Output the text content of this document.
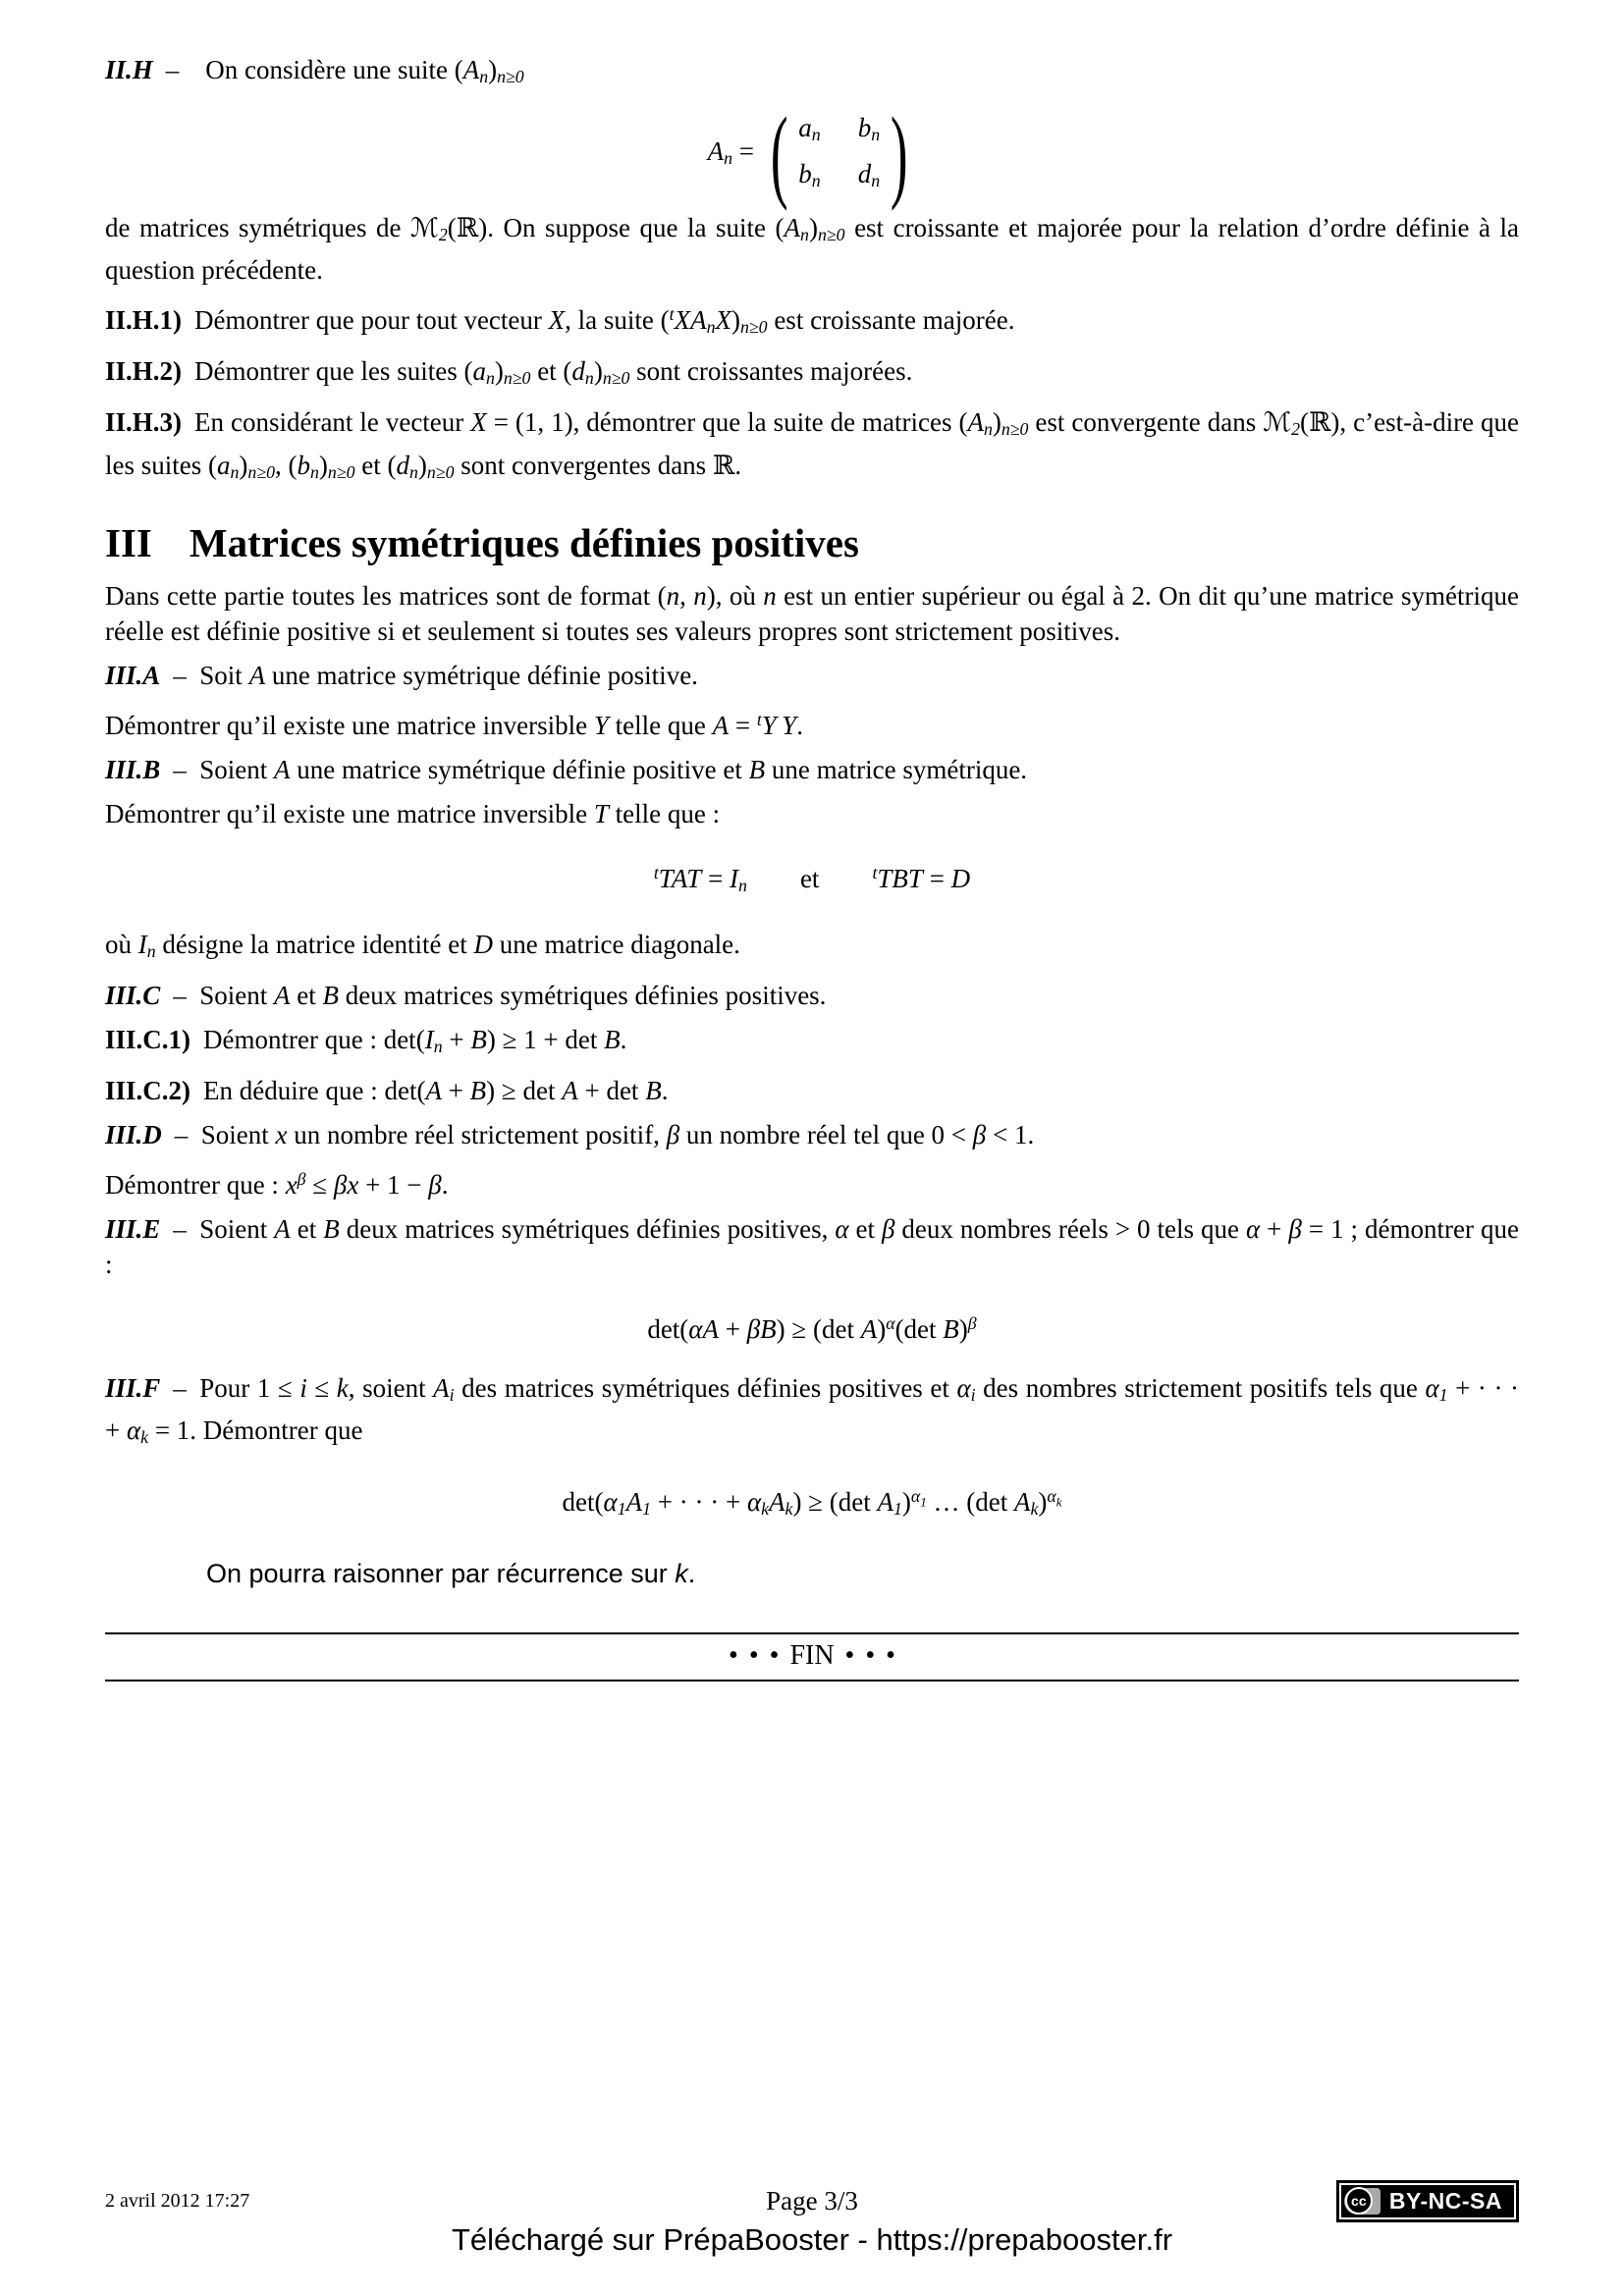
II.H –  On considère une suite (An)n≥0
An = ( an bn
bn dn )
de matrices symétriques de ℳ2(ℝ). On suppose que la suite (An)n≥0 est croissante et majorée pour la relation d’ordre définie à la question précédente.
II.H.1) Démontrer que pour tout vecteur X, la suite ($^t$XAnX)n≥0 est croissante majorée.
II.H.2) Démontrer que les suites (an)n≥0 et (dn)n≥0 sont croissantes majorées.
II.H.3) En considérant le vecteur X = (1, 1), démontrer que la suite de matrices (An)n≥0 est convergente dans ℳ2(ℝ), c’est-à-dire que les suites (an)n≥0, (bn)n≥0 et (dn)n≥0 sont convergentes dans ℝ.
III Matrices symétriques définies positives
Dans cette partie toutes les matrices sont de format (n, n), où n est un entier supérieur ou égal à 2. On dit qu’une matrice symétrique réelle est définie positive si et seulement si toutes ses valeurs propres sont strictement positives.
III.A – Soit A une matrice symétrique définie positive.
Démontrer qu’il existe une matrice inversible Y telle que A = $^t$Y Y.
III.B – Soient A une matrice symétrique définie positive et B une matrice symétrique.
Démontrer qu’il existe une matrice inversible T telle que :
$^t$TAT = In  et  $^t$TBT = D
où In désigne la matrice identité et D une matrice diagonale.
III.C – Soient A et B deux matrices symétriques définies positives.
III.C.1) Démontrer que : det(In + B) ≥ 1 + det B.
III.C.2) En déduire que : det(A + B) ≥ det A + det B.
III.D – Soient x un nombre réel strictement positif, β un nombre réel tel que 0 < β < 1.
Démontrer que : $x^\beta \le \beta x + 1 - \beta$.
III.E – Soient A et B deux matrices symétriques définies positives, α et β deux nombres réels > 0 tels que α + β = 1 ; démontrer que :
det(αA + βB) ≥ (det A)$^\alpha$(det B)$^\beta$
III.F – Pour 1 ≤ i ≤ k, soient Ai des matrices symétriques définies positives et αi des nombres strictement positifs tels que α1 + · · · + αk = 1. Démontrer que
det(α1A1 + · · · + αkAk) ≥ (det A1)$^\alpha$1 … (det Ak)$^\alpha$k
On pourra raisonner par récurrence sur k.
• • • FIN • • •
2 avril 2012 17:27	Page 3/3	cc BY-NC-SA
Téléchargé sur PrépaBooster - https://prepabooster.fr
